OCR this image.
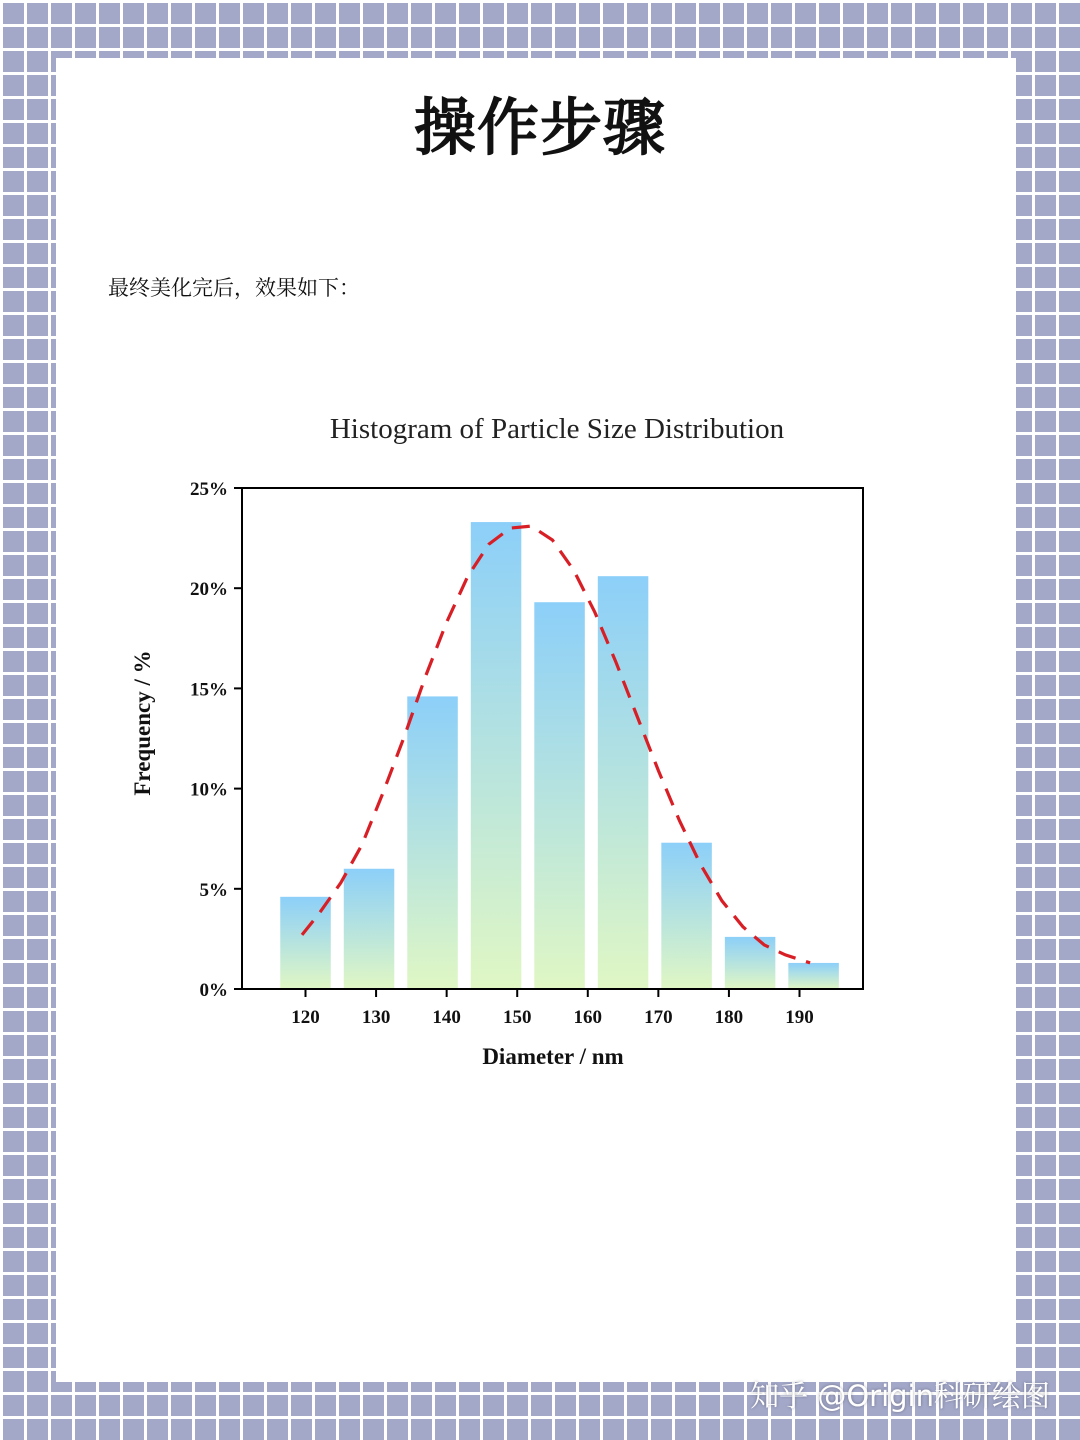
操作步骤
最终美化完后，效果如下：
Histogram of Particle Size Distribution
0%
5%
10%
15%
20%
25%
120 130 140 150 160 170 180 190
Diameter / nm
Frequency / %
知乎 @Origin科研绘图
